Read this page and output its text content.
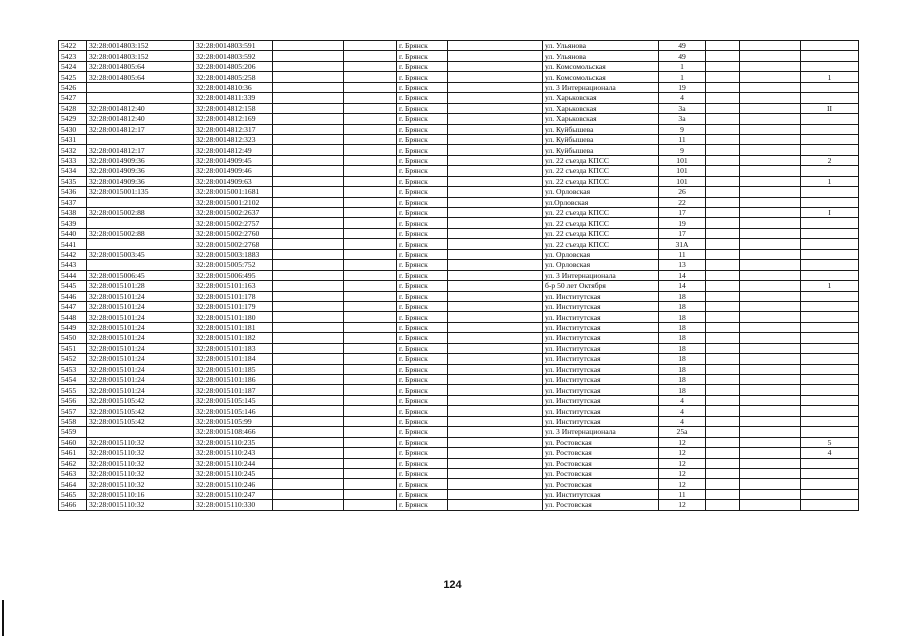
5422	32:28:0014803:152	32:28:0014803:591			г. Брянск		ул. Ульянова	49			
5423	32:28:0014803:152	32:28:0014803:592			г. Брянск		ул. Ульянова	49			
5424	32:28:0014805:64	32:28:0014805:206			г. Брянск		ул. Комсомольская	1			
5425	32:28:0014805:64	32:28:0014805:258			г. Брянск		ул. Комсомольская	1			1
5426		32:28:0014810:36			г. Брянск		ул. 3 Интернационала	19			
5427		32:28:0014811:339			г. Брянск		ул. Харьковская	4			
5428	32:28:0014812:40	32:28:0014812:158			г. Брянск		ул. Харьковская	3а			II
5429	32:28:0014812:40	32:28:0014812:169			г. Брянск		ул. Харьковская	3а			
5430	32:28:0014812:17	32:28:0014812:317			г. Брянск		ул. Куйбышева	9			
5431		32:28:0014812:323			г. Брянск		ул. Куйбышева	11			
5432	32:28:0014812:17	32:28:0014812:49			г. Брянск		ул. Куйбышева	9			
5433	32:28:0014909:36	32:28:0014909:45			г. Брянск		ул. 22 съезда КПСС	101			2
5434	32:28:0014909:36	32:28:0014909:46			г. Брянск		ул. 22 съезда КПСС	101			
5435	32:28:0014909:36	32:28:0014909:63			г. Брянск		ул. 22 съезда КПСС	101			1
5436	32:28:0015001:135	32:28:0015001:1681			г. Брянск		ул. Орловская	26			
5437		32:28:0015001:2102			г. Брянск		ул.Орловская	22			
5438	32:28:0015002:88	32:28:0015002:2637			г. Брянск		ул. 22 съезда КПСС	17			I
5439		32:28:0015002:2757			г. Брянск		ул. 22 съезда КПСС	19			
5440	32:28:0015002:88	32:28:0015002:2760			г. Брянск		ул. 22 съезда КПСС	17			
5441		32:28:0015002:2768			г. Брянск		ул. 22 съезда КПСС	31А			
5442	32:28:0015003:45	32:28:0015003:1883			г. Брянск		ул. Орловская	11			
5443		32:28:0015005:752			г. Брянск		ул. Орловская	13			
5444	32:28:0015006:45	32:28:0015006:495			г. Брянск		ул. 3 Интернационала	14			
5445	32:28:0015101:28	32:28:0015101:163			г. Брянск		б-р 50 лет Октября	14			1
5446	32:28:0015101:24	32:28:0015101:178			г. Брянск		ул. Институтская	18			
5447	32:28:0015101:24	32:28:0015101:179			г. Брянск		ул. Институтская	18			
5448	32:28:0015101:24	32:28:0015101:180			г. Брянск		ул. Институтская	18			
5449	32:28:0015101:24	32:28:0015101:181			г. Брянск		ул. Институтская	18			
5450	32:28:0015101:24	32:28:0015101:182			г. Брянск		ул. Институтская	18			
5451	32:28:0015101:24	32:28:0015101:183			г. Брянск		ул. Институтская	18			
5452	32:28:0015101:24	32:28:0015101:184			г. Брянск		ул. Институтская	18			
5453	32:28:0015101:24	32:28:0015101:185			г. Брянск		ул. Институтская	18			
5454	32:28:0015101:24	32:28:0015101:186			г. Брянск		ул. Институтская	18			
5455	32:28:0015101:24	32:28:0015101:187			г. Брянск		ул. Институтская	18			
5456	32:28:0015105:42	32:28:0015105:145			г. Брянск		ул. Институтская	4			
5457	32:28:0015105:42	32:28:0015105:146			г. Брянск		ул. Институтская	4			
5458	32:28:0015105:42	32:28:0015105:99			г. Брянск		ул. Институтская	4			
5459		32:28:0015108:466			г. Брянск		ул. 3 Интернационала	25а			
5460	32:28:0015110:32	32:28:0015110:235			г. Брянск		ул. Ростовская	12			5
5461	32:28:0015110:32	32:28:0015110:243			г. Брянск		ул. Ростовская	12			4
5462	32:28:0015110:32	32:28:0015110:244			г. Брянск		ул. Ростовская	12			
5463	32:28:0015110:32	32:28:0015110:245			г. Брянск		ул. Ростовская	12			
5464	32:28:0015110:32	32:28:0015110:246			г. Брянск		ул. Ростовская	12			
5465	32:28:0015110:16	32:28:0015110:247			г. Брянск		ул. Институтская	11			
5466	32:28:0015110:32	32:28:0015110:330			г. Брянск		ул. Ростовская	12			
124
